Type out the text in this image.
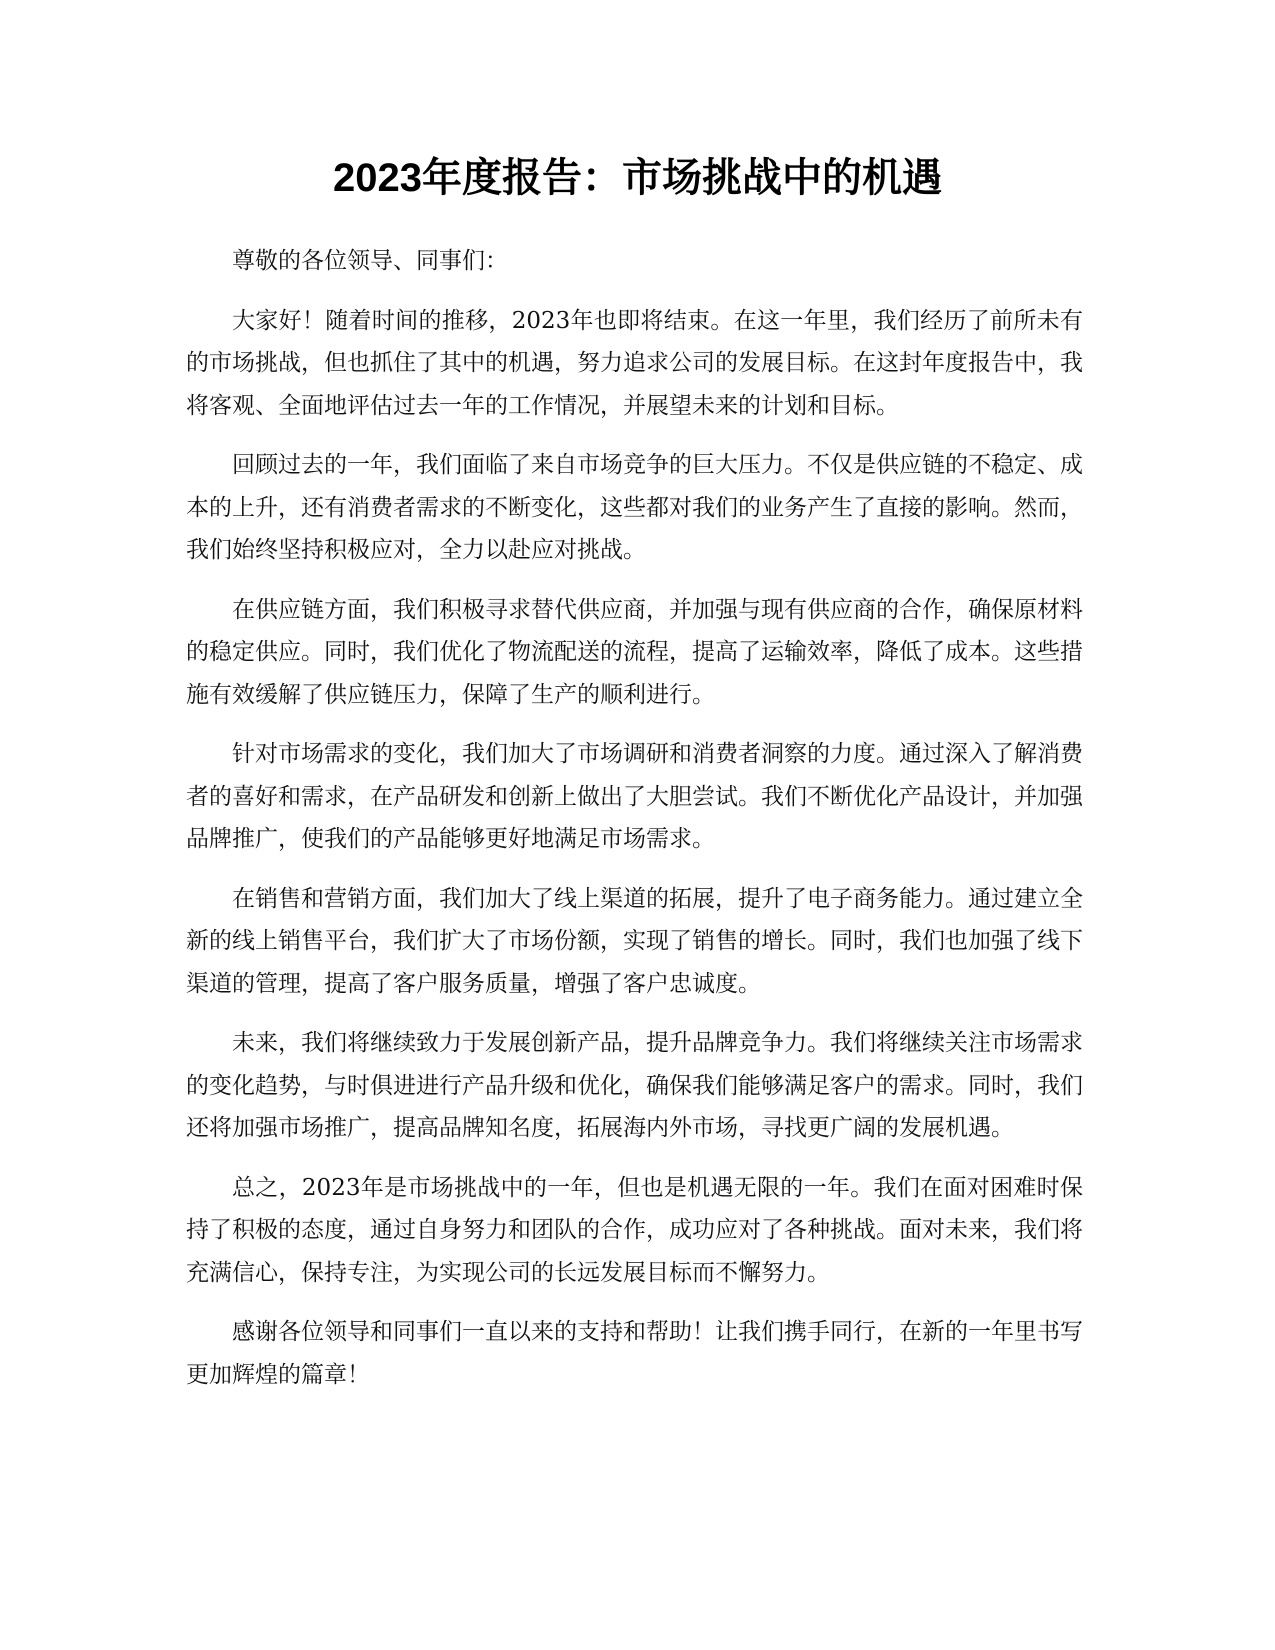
2023年度报告：市场挑战中的机遇

尊敬的各位领导、同事们：

大家好！随着时间的推移，2023年也即将结束。在这一年里，我们经历了前所未有的市场挑战，但也抓住了其中的机遇，努力追求公司的发展目标。在这封年度报告中，我将客观、全面地评估过去一年的工作情况，并展望未来的计划和目标。

回顾过去的一年，我们面临了来自市场竞争的巨大压力。不仅是供应链的不稳定、成本的上升，还有消费者需求的不断变化，这些都对我们的业务产生了直接的影响。然而，我们始终坚持积极应对，全力以赴应对挑战。

在供应链方面，我们积极寻求替代供应商，并加强与现有供应商的合作，确保原材料的稳定供应。同时，我们优化了物流配送的流程，提高了运输效率，降低了成本。这些措施有效缓解了供应链压力，保障了生产的顺利进行。

针对市场需求的变化，我们加大了市场调研和消费者洞察的力度。通过深入了解消费者的喜好和需求，在产品研发和创新上做出了大胆尝试。我们不断优化产品设计，并加强品牌推广，使我们的产品能够更好地满足市场需求。

在销售和营销方面，我们加大了线上渠道的拓展，提升了电子商务能力。通过建立全新的线上销售平台，我们扩大了市场份额，实现了销售的增长。同时，我们也加强了线下渠道的管理，提高了客户服务质量，增强了客户忠诚度。

未来，我们将继续致力于发展创新产品，提升品牌竞争力。我们将继续关注市场需求的变化趋势，与时俱进进行产品升级和优化，确保我们能够满足客户的需求。同时，我们还将加强市场推广，提高品牌知名度，拓展海内外市场，寻找更广阔的发展机遇。

总之，2023年是市场挑战中的一年，但也是机遇无限的一年。我们在面对困难时保持了积极的态度，通过自身努力和团队的合作，成功应对了各种挑战。面对未来，我们将充满信心，保持专注，为实现公司的长远发展目标而不懈努力。

感谢各位领导和同事们一直以来的支持和帮助！让我们携手同行，在新的一年里书写更加辉煌的篇章！
